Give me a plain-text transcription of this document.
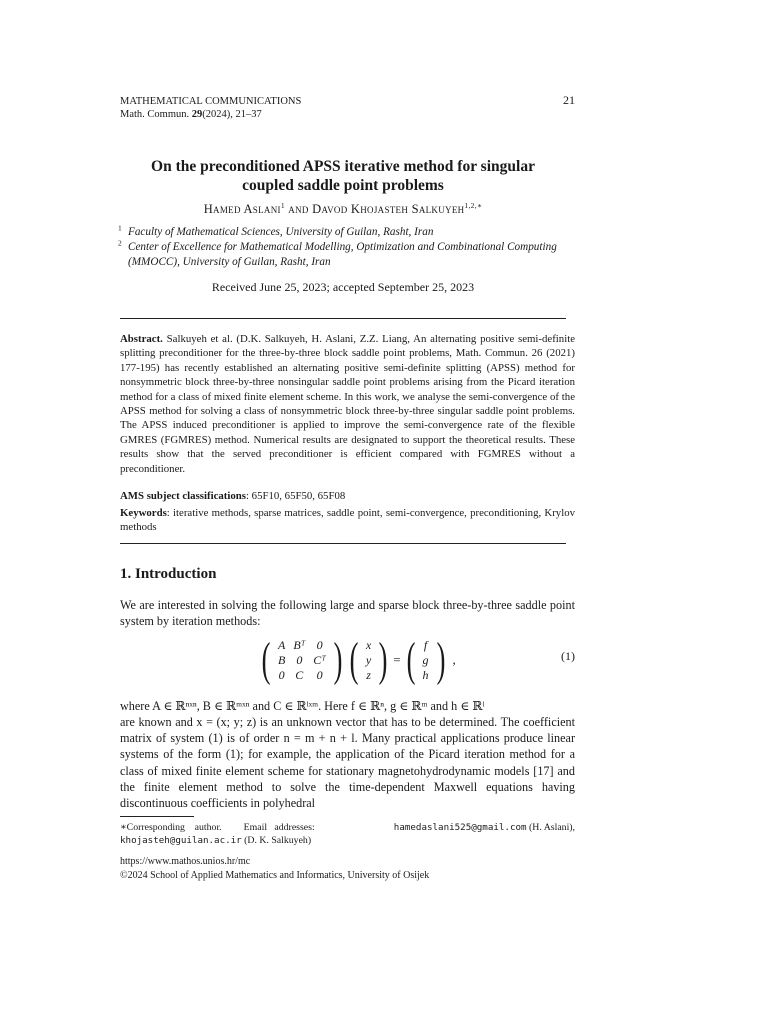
MATHEMATICAL COMMUNICATIONS
Math. Commun. 29(2024), 21–37
21
On the preconditioned APSS iterative method for singular
coupled saddle point problems
Hamed Aslani$^1$ and Davod Khojasteh Salkuyeh$^{1,2,∗}$
$^1$ Faculty of Mathematical Sciences, University of Guilan, Rasht, Iran
$^2$ Center of Excellence for Mathematical Modelling, Optimization and Combinational Computing (MMOCC), University of Guilan, Rasht, Iran
Received June 25, 2023; accepted September 25, 2023
Abstract. Salkuyeh et al. (D.K. Salkuyeh, H. Aslani, Z.Z. Liang, An alternating positive semi-definite splitting preconditioner for the three-by-three block saddle point problems, Math. Commun. 26 (2021) 177-195) has recently established an alternating positive semi-definite splitting (APSS) method for nonsymmetric block three-by-three nonsingular saddle point problems arising from the Picard iteration method for a class of mixed finite element scheme. In this work, we analyse the semi-convergence of the APSS method for solving a class of nonsymmetric block three-by-three singular saddle point problems. The APSS induced preconditioner is applied to improve the semi-convergence rate of the flexible GMRES (FGMRES) method. Numerical results are designated to support the theoretical results. These results show that the served preconditioner is efficient compared with FGMRES without a preconditioner.
AMS subject classifications: 65F10, 65F50, 65F08
Keywords: iterative methods, sparse matrices, saddle point, semi-convergence, preconditioning, Krylov methods
1. Introduction
We are interested in solving the following large and sparse block three-by-three saddle point system by iteration methods:
( A	Bᵀ	0
B	0	Cᵀ
0	C	0 ) ( x
y
z ) = ( f
g
h ) ,	(1)
where A ∈ ℝⁿˣⁿ, B ∈ ℝᵐˣⁿ and C ∈ ℝˡˣᵐ. Here f ∈ ℝⁿ, g ∈ ℝᵐ and h ∈ ℝˡ
are known and x = (x; y; z) is an unknown vector that has to be determined. The coefficient matrix of system (1) is of order n = m + n + l. Many practical applications produce linear systems of the form (1); for example, the application of the Picard iteration method for a class of mixed finite element scheme for stationary magnetohydrodynamic models [17] and the finite element method to solve the time-dependent Maxwell equations having discontinuous coefficients in polyhedral
∗Corresponding    author.         Email   addresses:	hamedaslani525@gmail.com (H. Aslani),
khojasteh@guilan.ac.ir (D. K. Salkuyeh)
https://www.mathos.unios.hr/mc
©2024 School of Applied Mathematics and Informatics, University of Osijek
